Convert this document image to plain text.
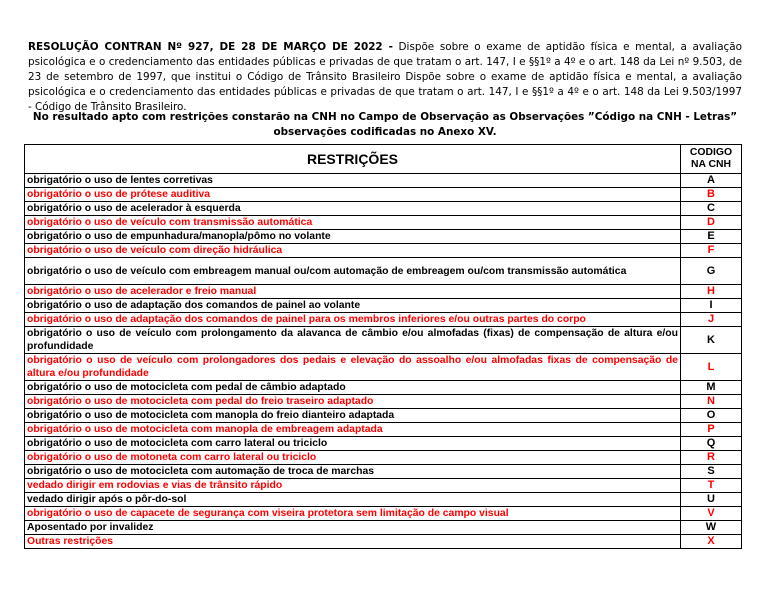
RESOLUÇÃO CONTRAN Nº 927, DE 28 DE MARÇO DE 2022 - Dispõe sobre o exame de aptidão física e mental, a avaliação psicológica e o credenciamento das entidades públicas e privadas de que tratam o art. 147, I e §§1º a 4º e o art. 148 da Lei nº 9.503, de 23 de setembro de 1997, que institui o Código de Trânsito Brasileiro Dispõe sobre o exame de aptidão física e mental, a avaliação psicológica e o credenciamento das entidades públicas e privadas de que tratam o art. 147, I e §§1º a 4º e o art. 148 da Lei 9.503/1997 - Código de Trânsito Brasileiro.
No resultado apto com restrições constarão na CNH no Campo de Observação as Observações ”Código na CNH - Letras” observações codificadas no Anexo XV.
RESTRIÇÕES	CODIGO
NA CNH

obrigatório o uso de lentes corretivas	A
obrigatório o uso de prótese auditiva	B
obrigatório o uso de acelerador à esquerda	C
obrigatório o uso de veículo com transmissão automática	D
obrigatório o uso de empunhadura/manopla/pômo no volante	E
obrigatório o uso de veículo com direção hidráulica	F
obrigatório o uso de veículo com embreagem manual ou/com automação de embreagem ou/com transmissão automática	G
obrigatório o uso de acelerador e freio manual	H
obrigatório o uso de adaptação dos comandos de painel ao volante	I
obrigatório o uso de adaptação dos comandos de painel para os membros inferiores e/ou outras partes do corpo	J
obrigatório o uso de veículo com prolongamento da alavanca de câmbio e/ou almofadas (fixas) de compensação de altura e/ou profundidade	K
obrigatório o uso de veículo com prolongadores dos pedais e elevação do assoalho e/ou almofadas fixas de compensação de altura e/ou profundidade	L
obrigatório o uso de motocicleta com pedal de câmbio adaptado	M
obrigatório o uso de motocicleta com pedal do freio traseiro adaptado	N
obrigatório o uso de motocicleta com manopla do freio dianteiro adaptada	O
obrigatório o uso de motocicleta com manopla de embreagem adaptada	P
obrigatório o uso de motocicleta com carro lateral ou triciclo	Q
obrigatório o uso de motoneta com carro lateral ou triciclo	R
obrigatório o uso de motocicleta com automação de troca de marchas	S
vedado dirigir em rodovias e vias de trânsito rápido	T
vedado dirigir após o pôr-do-sol	U
obrigatório o uso de capacete de segurança com viseira protetora sem limitação de campo visual	V
Aposentado por invalidez	W
Outras restrições	X
